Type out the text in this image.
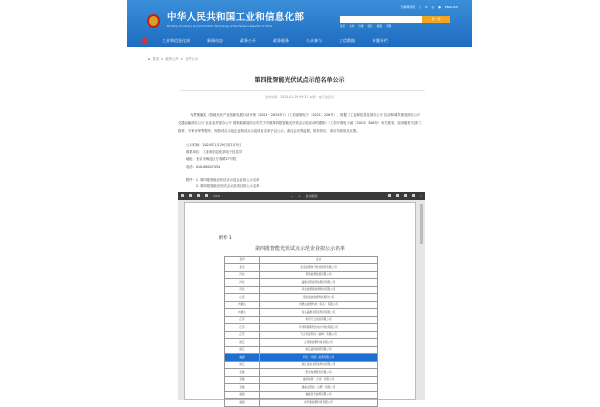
中华人民共和国工业和信息化部
Ministry of Industry and Information Technology of the People's Republic of China
无障碍浏览 ▯ ✉ ◎ ● ENGLISH
搜一搜
首页 文件 办事 统计 数据 专题
工业和信息化部	新闻动态	政务公开	政务服务	公众参与	工信数据	专题专栏
⌂ 首页 > 政务公开 > 文件公示
第四批智能光伏试点示范名单公示
发布时间：2024-01-29 09:31 来源：电子信息司

为贯彻落实《智能光伏产业创新发展行动计划（2021－2025年）》（工信部联电子〔2021〕226号），根据《工业和信息化部办公厅 住房和城乡建设部办公厅 交通运输部办公厅 农业农村部办公厅 国家能源局综合司关于开展第四批智能光伏试点示范活动的通知》（工信厅联电子函〔2023〕306号）有关要求，经省级有关部门推荐、专家评审等程序，现将试点示范企业和试点示范项目名单予以公示。请社会各界监督，如有异议，请以书面形式反馈。

公示时间：2024年1月29日至2月5日
联系单位：工业和信息化部电子信息司
地址：北京市海淀区万寿路27号院
电话：010-68207454
附件：1. 第四批智能光伏试点示范企业拟公示名单
2. 第四批智能光伏试点示范项目拟公示名单
1/24	− + 自动缩放	»
附件 1
第四批智能光伏试点示范企业拟公示名单
省份	企业
北京	北京能源电气科技股份有限公司
河北	英利能源发展有限公司
河北	晶澳太阳能科技股份有限公司
河北	河北能源新能源科技有限公司
山西	晋能清洁能源科技股份公司
内蒙古	内蒙古能源科技（包头）有限公司
内蒙古	包头晶澳太阳能科技有限公司
江苏	常州天合光能有限公司
江苏	苏州阿特斯阳光电力科技有限公司
江苏	天合光能科技（盐城）有限公司
浙江	正泰新能源科技有限公司
浙江	浙江晶科能源有限公司
福建	钧石（中国）能源有限公司
浙江	浙江爱旭太阳能科技有限公司
安徽	阳光电源股份有限公司
安徽	晶科能源（上饶）有限公司
安徽	通威太阳能（合肥）有限公司
福建	福建金石能源有限公司
福建	时代新能源科技有限公司
